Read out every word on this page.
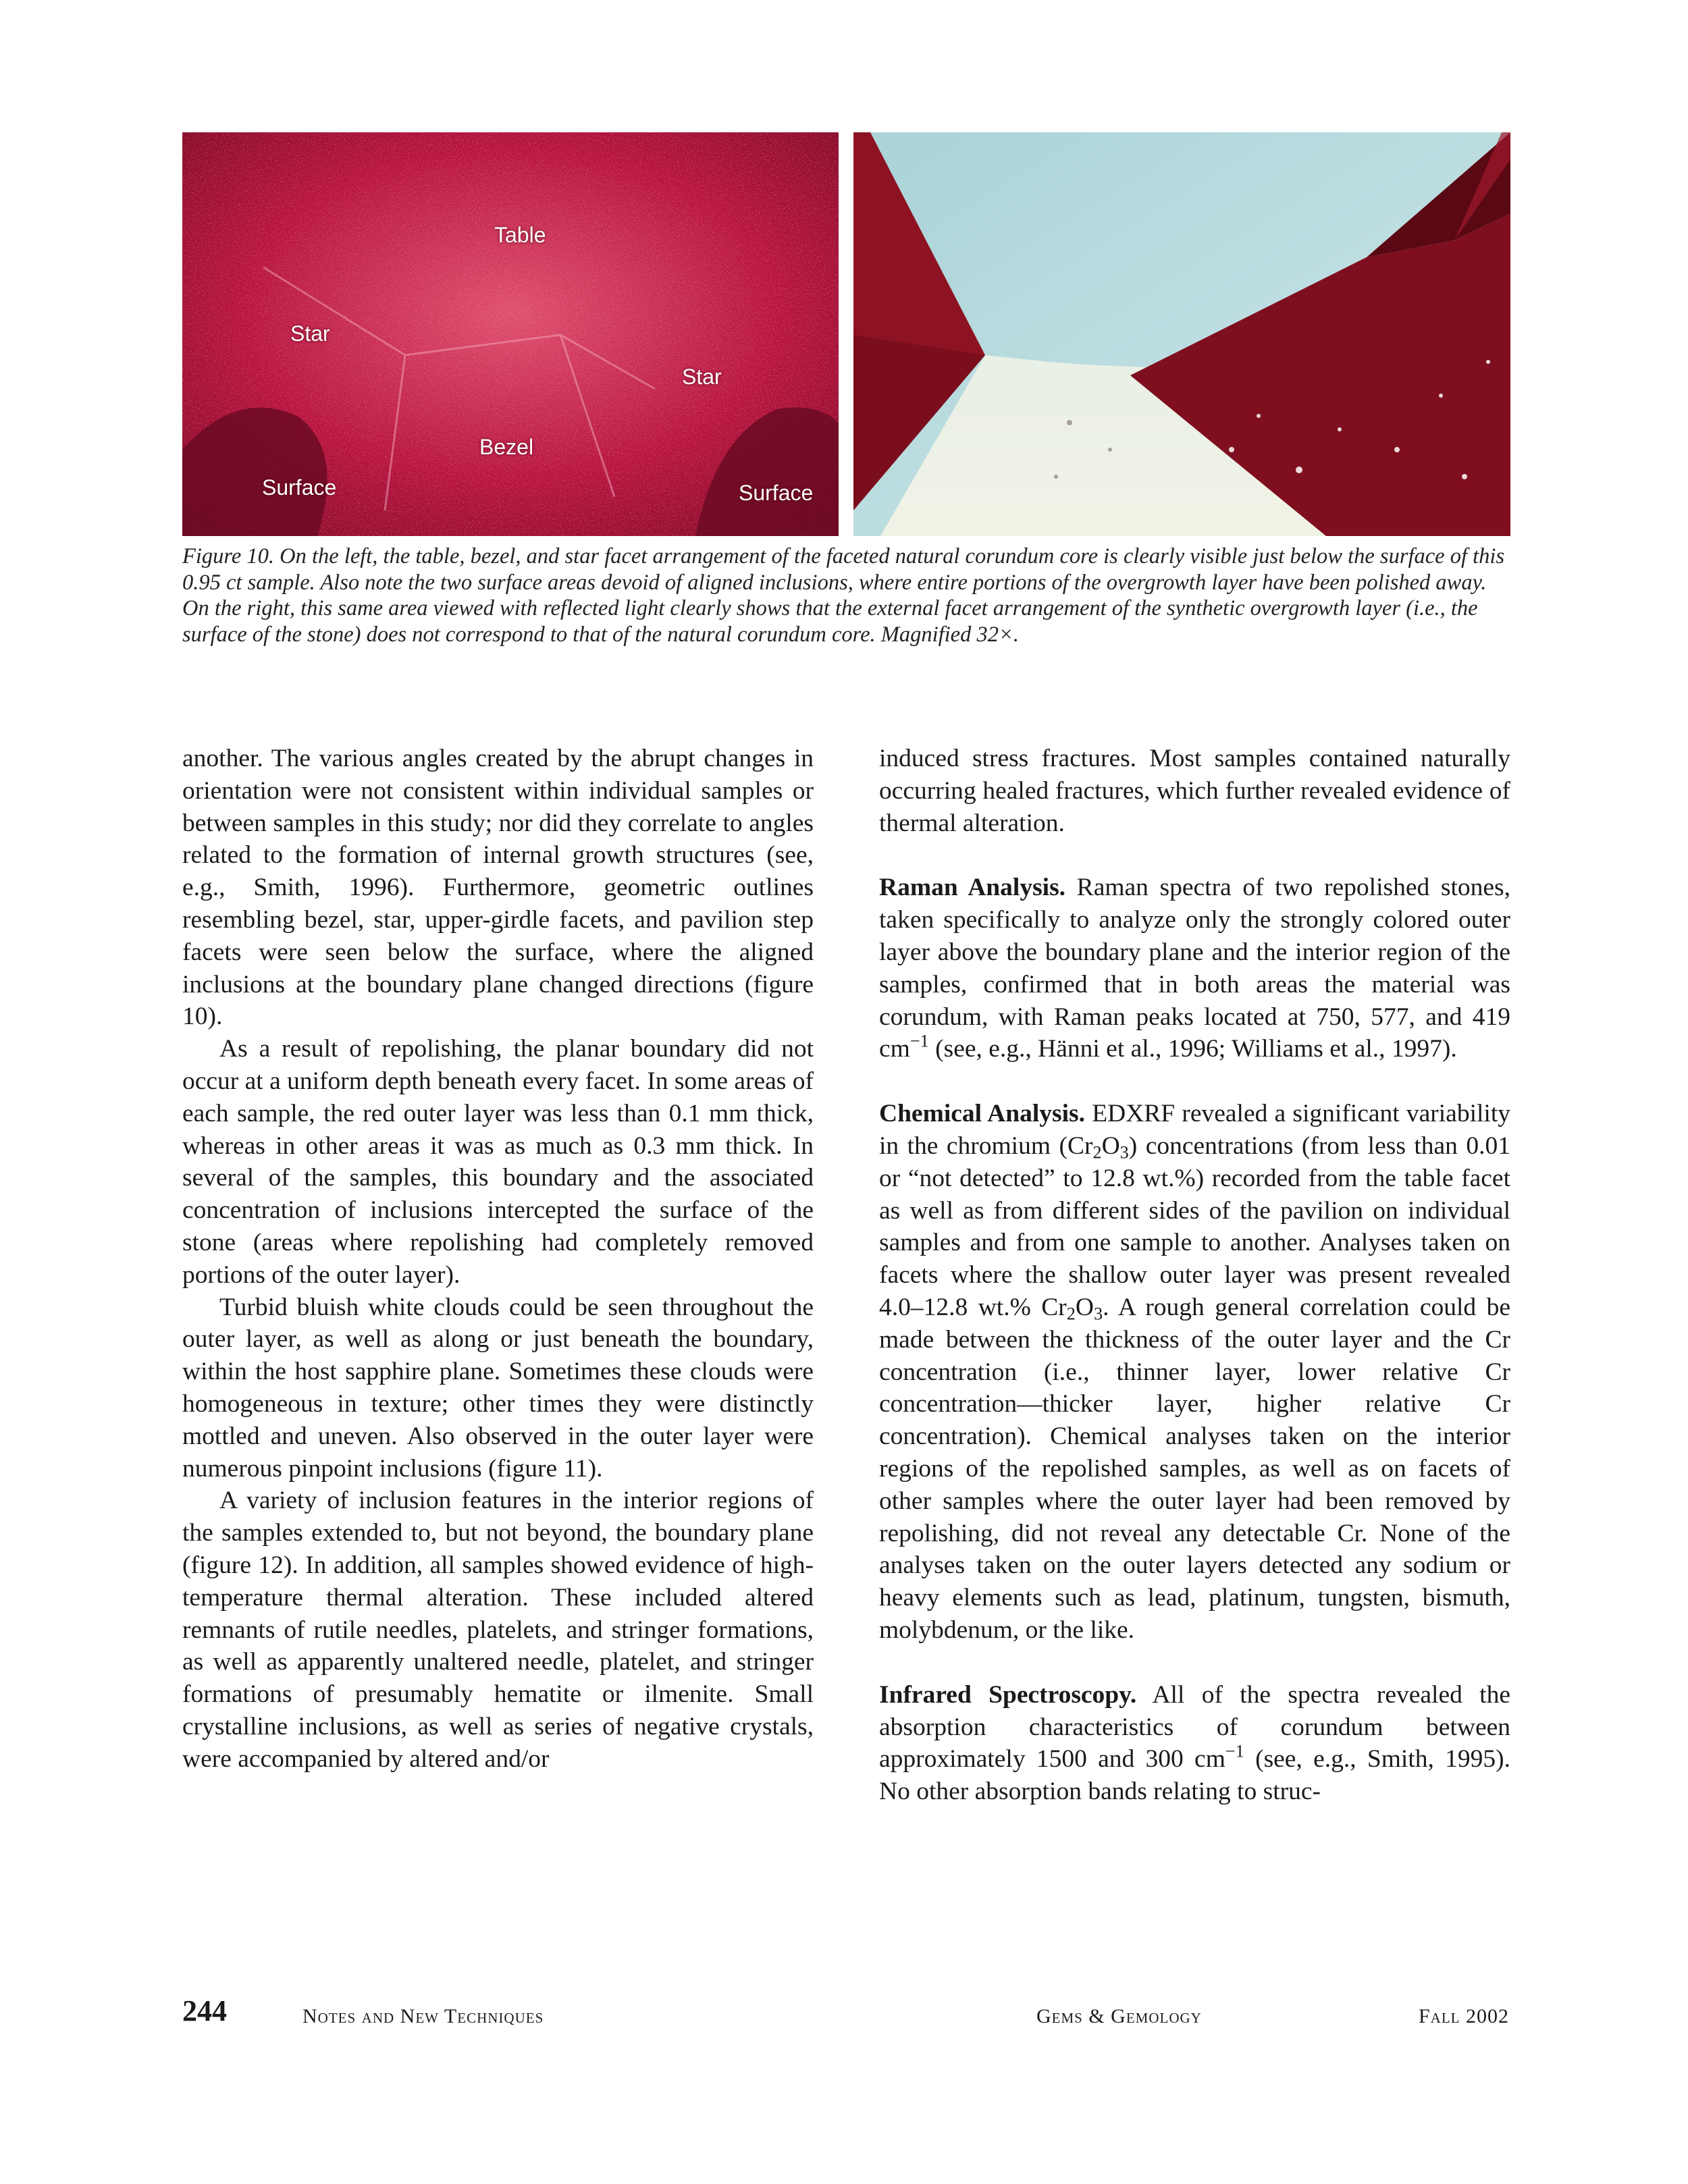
Table
Star
Star
Bezel
Surface	Surface

Figure 10. On the left, the table, bezel, and star facet arrangement of the faceted natural corundum core is clearly visible just below the surface of this 0.95 ct sample. Also note the two surface areas devoid of aligned inclusions, where entire portions of the overgrowth layer have been polished away. On the right, this same area viewed with reflected light clearly shows that the external facet arrangement of the synthetic overgrowth layer (i.e., the surface of the stone) does not correspond to that of the natural corundum core. Magnified 32×.

another. The various angles created by the abrupt changes in orientation were not consistent within individual samples or between samples in this study; nor did they correlate to angles related to the formation of internal growth structures (see, e.g., Smith, 1996). Furthermore, geometric outlines resembling bezel, star, upper-girdle facets, and pavilion step facets were seen below the surface, where the aligned inclusions at the boundary plane changed directions (figure 10).

As a result of repolishing, the planar boundary did not occur at a uniform depth beneath every facet. In some areas of each sample, the red outer layer was less than 0.1 mm thick, whereas in other areas it was as much as 0.3 mm thick. In several of the samples, this boundary and the associated concentration of inclusions intercepted the surface of the stone (areas where repolishing had completely removed portions of the outer layer).

Turbid bluish white clouds could be seen throughout the outer layer, as well as along or just beneath the boundary, within the host sapphire plane. Sometimes these clouds were homogeneous in texture; other times they were distinctly mottled and uneven. Also observed in the outer layer were numerous pinpoint inclusions (figure 11).

A variety of inclusion features in the interior regions of the samples extended to, but not beyond, the boundary plane (figure 12). In addition, all samples showed evidence of high-temperature thermal alteration. These included altered remnants of rutile needles, platelets, and stringer formations, as well as apparently unaltered needle, platelet, and stringer formations of presumably hematite or ilmenite. Small crystalline inclusions, as well as series of negative crystals, were accompanied by altered and/or

induced stress fractures. Most samples contained naturally occurring healed fractures, which further revealed evidence of thermal alteration.

Raman Analysis. Raman spectra of two repolished stones, taken specifically to analyze only the strongly colored outer layer above the boundary plane and the interior region of the samples, confirmed that in both areas the material was corundum, with Raman peaks located at 750, 577, and 419 $cm^{-1}$ (see, e.g., Hänni et al., 1996; Williams et al., 1997).

Chemical Analysis. EDXRF revealed a significant variability in the chromium $(Cr_2O_3)$ concentrations (from less than 0.01 or “not detected” to 12.8 wt.%) recorded from the table facet as well as from different sides of the pavilion on individual samples and from one sample to another. Analyses taken on facets where the shallow outer layer was present revealed 4.0–12.8 wt.% $Cr_2O_3$. A rough general correlation could be made between the thickness of the outer layer and the Cr concentration (i.e., thinner layer, lower relative Cr concentration—thicker layer, higher relative Cr concentration). Chemical analyses taken on the interior regions of the repolished samples, as well as on facets of other samples where the outer layer had been removed by repolishing, did not reveal any detectable Cr. None of the analyses taken on the outer layers detected any sodium or heavy elements such as lead, platinum, tungsten, bismuth, molybdenum, or the like.

Infrared Spectroscopy. All of the spectra revealed the absorption characteristics of corundum between approximately 1500 and 300 $cm^{-1}$ (see, e.g., Smith, 1995). No other absorption bands relating to struc-

244	Notes and New Techniques	Gems & Gemology	Fall 2002
